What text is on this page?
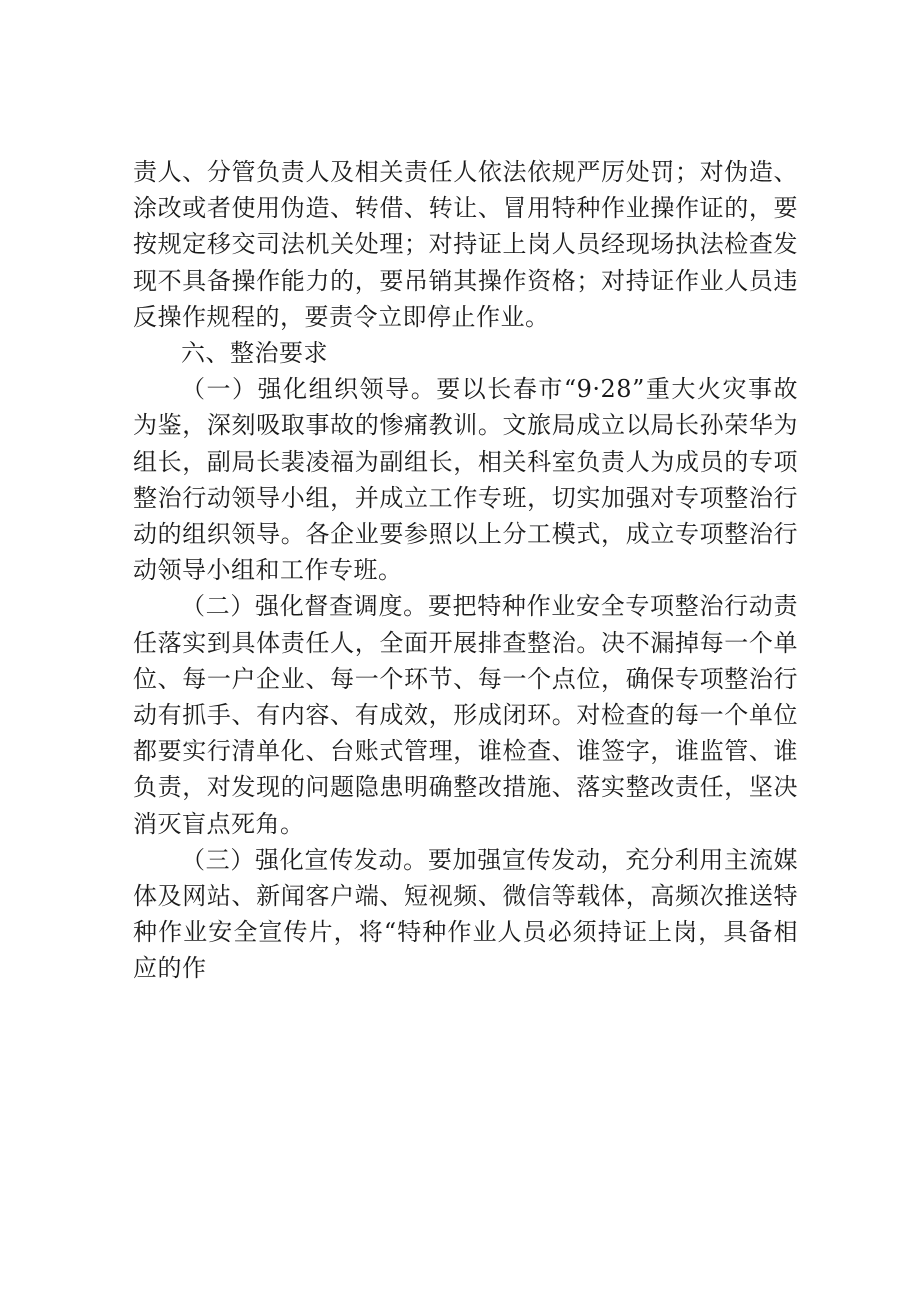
责人、分管负责人及相关责任人依法依规严厉处罚；对伪造、涂改或者使用伪造、转借、转让、冒用特种作业操作证的，要按规定移交司法机关处理；对持证上岗人员经现场执法检查发现不具备操作能力的，要吊销其操作资格；对持证作业人员违反操作规程的，要责令立即停止作业。

六、整治要求

（一）强化组织领导。要以长春市“9·28”重大火灾事故为鉴，深刻吸取事故的惨痛教训。文旅局成立以局长孙荣华为组长，副局长裴凌福为副组长，相关科室负责人为成员的专项整治行动领导小组，并成立工作专班，切实加强对专项整治行动的组织领导。各企业要参照以上分工模式，成立专项整治行动领导小组和工作专班。

（二）强化督查调度。要把特种作业安全专项整治行动责任落实到具体责任人，全面开展排查整治。决不漏掉每一个单位、每一户企业、每一个环节、每一个点位，确保专项整治行动有抓手、有内容、有成效，形成闭环。对检查的每一个单位都要实行清单化、台账式管理，谁检查、谁签字，谁监管、谁负责，对发现的问题隐患明确整改措施、落实整改责任，坚决消灭盲点死角。

（三）强化宣传发动。要加强宣传发动，充分利用主流媒体及网站、新闻客户端、短视频、微信等载体，高频次推送特种作业安全宣传片，将“特种作业人员必须持证上岗，具备相应的作
